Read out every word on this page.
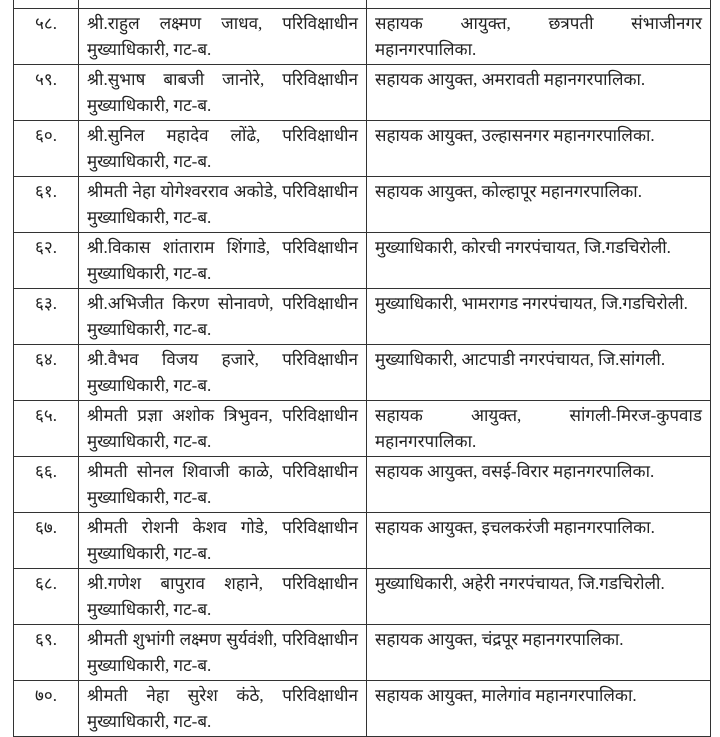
५८.	श्री.राहुल लक्ष्मण जाधव, परिविक्षाधीन मुख्याधिकारी, गट-ब.	सहायक आयुक्त, छत्रपती संभाजीनगर महानगरपालिका.
५९.	श्री.सुभाष बाबजी जानोरे, परिविक्षाधीन मुख्याधिकारी, गट-ब.	सहायक आयुक्त, अमरावती महानगरपालिका.
६०.	श्री.सुनिल महादेव लोंढे, परिविक्षाधीन मुख्याधिकारी, गट-ब.	सहायक आयुक्त, उल्हासनगर महानगरपालिका.
६१.	श्रीमती नेहा योगेश्वरराव अकोडे, परिविक्षाधीन मुख्याधिकारी, गट-ब.	सहायक आयुक्त, कोल्हापूर महानगरपालिका.
६२.	श्री.विकास शांताराम शिंगाडे, परिविक्षाधीन मुख्याधिकारी, गट-ब.	मुख्याधिकारी, कोरची नगरपंचायत, जि.गडचिरोली.
६३.	श्री.अभिजीत किरण सोनावणे, परिविक्षाधीन मुख्याधिकारी, गट-ब.	मुख्याधिकारी, भामरागड नगरपंचायत, जि.गडचिरोली.
६४.	श्री.वैभव विजय हजारे, परिविक्षाधीन मुख्याधिकारी, गट-ब.	मुख्याधिकारी, आटपाडी नगरपंचायत, जि.सांगली.
६५.	श्रीमती प्रज्ञा अशोक त्रिभुवन, परिविक्षाधीन मुख्याधिकारी, गट-ब.	सहायक आयुक्त, सांगली-मिरज-कुपवाड महानगरपालिका.
६६.	श्रीमती सोनल शिवाजी काळे, परिविक्षाधीन मुख्याधिकारी, गट-ब.	सहायक आयुक्त, वसई-विरार महानगरपालिका.
६७.	श्रीमती रोशनी केशव गोडे, परिविक्षाधीन मुख्याधिकारी, गट-ब.	सहायक आयुक्त, इचलकरंजी महानगरपालिका.
६८.	श्री.गणेश बापुराव शहाने, परिविक्षाधीन मुख्याधिकारी, गट-ब.	मुख्याधिकारी, अहेरी नगरपंचायत, जि.गडचिरोली.
६९.	श्रीमती शुभांगी लक्ष्मण सुर्यवंशी, परिविक्षाधीन मुख्याधिकारी, गट-ब.	सहायक आयुक्त, चंद्रपूर महानगरपालिका.
७०.	श्रीमती नेहा सुरेश कंठे, परिविक्षाधीन मुख्याधिकारी, गट-ब.	सहायक आयुक्त, मालेगांव महानगरपालिका.
